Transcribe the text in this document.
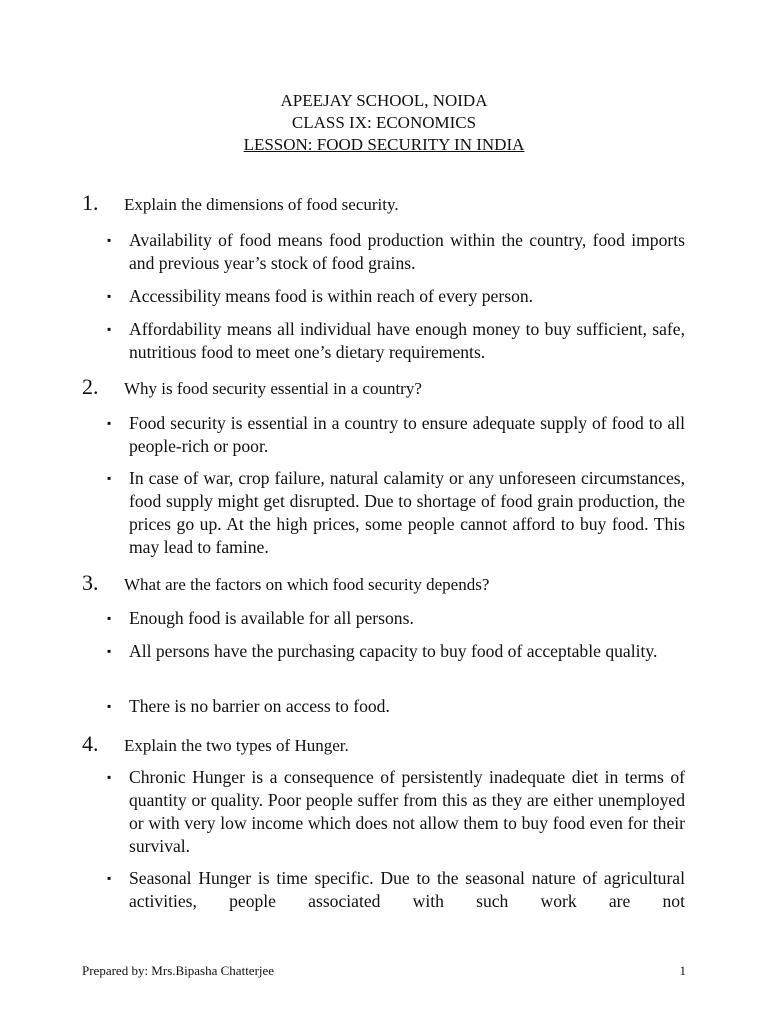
APEEJAY SCHOOL, NOIDA
CLASS IX: ECONOMICS
LESSON: FOOD SECURITY IN INDIA
1.	Explain the dimensions of food security.
▪	Availability of food means food production within the country, food imports and previous year’s stock of food grains.
▪	Accessibility means food is within reach of every person.
▪	Affordability means all individual have enough money to buy sufficient, safe, nutritious food to meet one’s dietary requirements.
2.	Why is food security essential in a country?
▪	Food security is essential in a country to ensure adequate supply of food to all people-rich or poor.
▪	In case of war, crop failure, natural calamity or any unforeseen circumstances, food supply might get disrupted. Due to shortage of food grain production, the prices go up. At the high prices, some people cannot afford to buy food. This may lead to famine.
3.	What are the factors on which food security depends?
▪	Enough food is available for all persons.
▪	All persons have the purchasing capacity to buy food of acceptable quality.
▪	There is no barrier on access to food.
4.	Explain the two types of Hunger.
▪	Chronic Hunger is a consequence of persistently inadequate diet in terms of quantity or quality. Poor people suffer from this as they are either unemployed or with very low income which does not allow them to buy food even for their survival.
▪	Seasonal Hunger is time specific. Due to the seasonal nature of agricultural activities, people associated with such work are not
Prepared by: Mrs.Bipasha Chatterjee	1
